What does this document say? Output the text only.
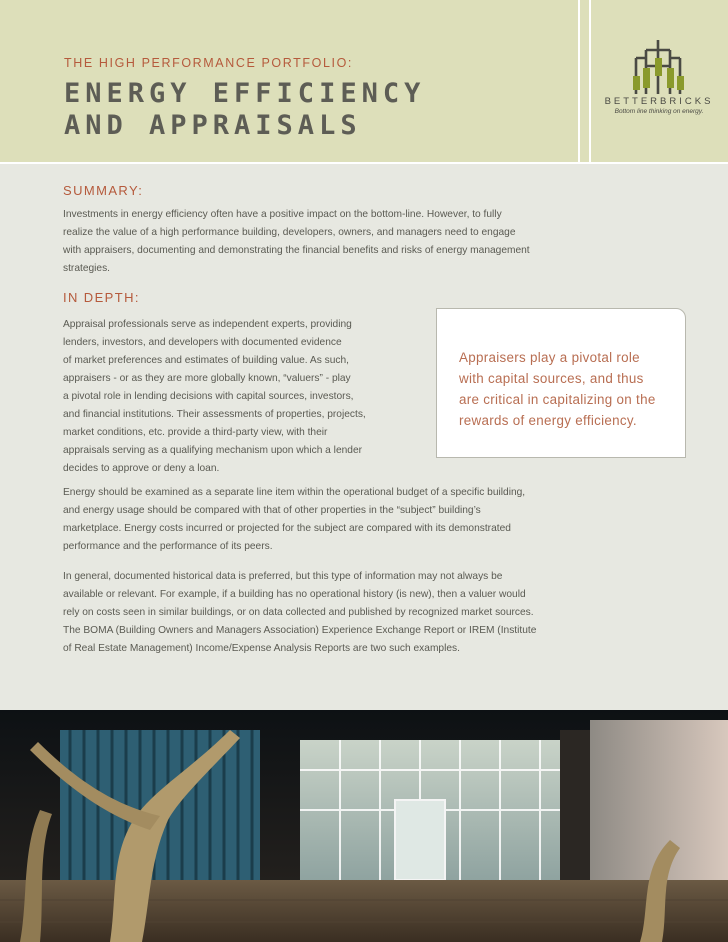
THE HIGH PERFORMANCE PORTFOLIO:
ENERGY EFFICIENCY
AND APPRAISALS
BETTERBRICKS
Bottom line thinking on energy.
SUMMARY:
Investments in energy efficiency often have a positive impact on the bottom-line. However, to fully
realize the value of a high performance building, developers, owners, and managers need to engage
with appraisers, documenting and demonstrating the financial benefits and risks of energy management
strategies.
IN DEPTH:
Appraisal professionals serve as independent experts, providing
lenders, investors, and developers with documented evidence
of market preferences and estimates of building value. As such,
appraisers - or as they are more globally known, “valuers” - play
a pivotal role in lending decisions with capital sources, investors,
and financial institutions. Their assessments of properties, projects,
market conditions, etc. provide a third-party view, with their
appraisals serving as a qualifying mechanism upon which a lender
decides to approve or deny a loan.
Appraisers play a pivotal role
with capital sources, and thus
are critical in capitalizing on the
rewards of energy efficiency.
Energy should be examined as a separate line item within the operational budget of a specific building,
and energy usage should be compared with that of other properties in the “subject” building’s
marketplace. Energy costs incurred or projected for the subject are compared with its demonstrated
performance and the performance of its peers.
In general, documented historical data is preferred, but this type of information may not always be
available or relevant. For example, if a building has no operational history (is new), then a valuer would
rely on costs seen in similar buildings, or on data collected and published by recognized market sources.
The BOMA (Building Owners and Managers Association) Experience Exchange Report or IREM (Institute
of Real Estate Management) Income/Expense Analysis Reports are two such examples.
